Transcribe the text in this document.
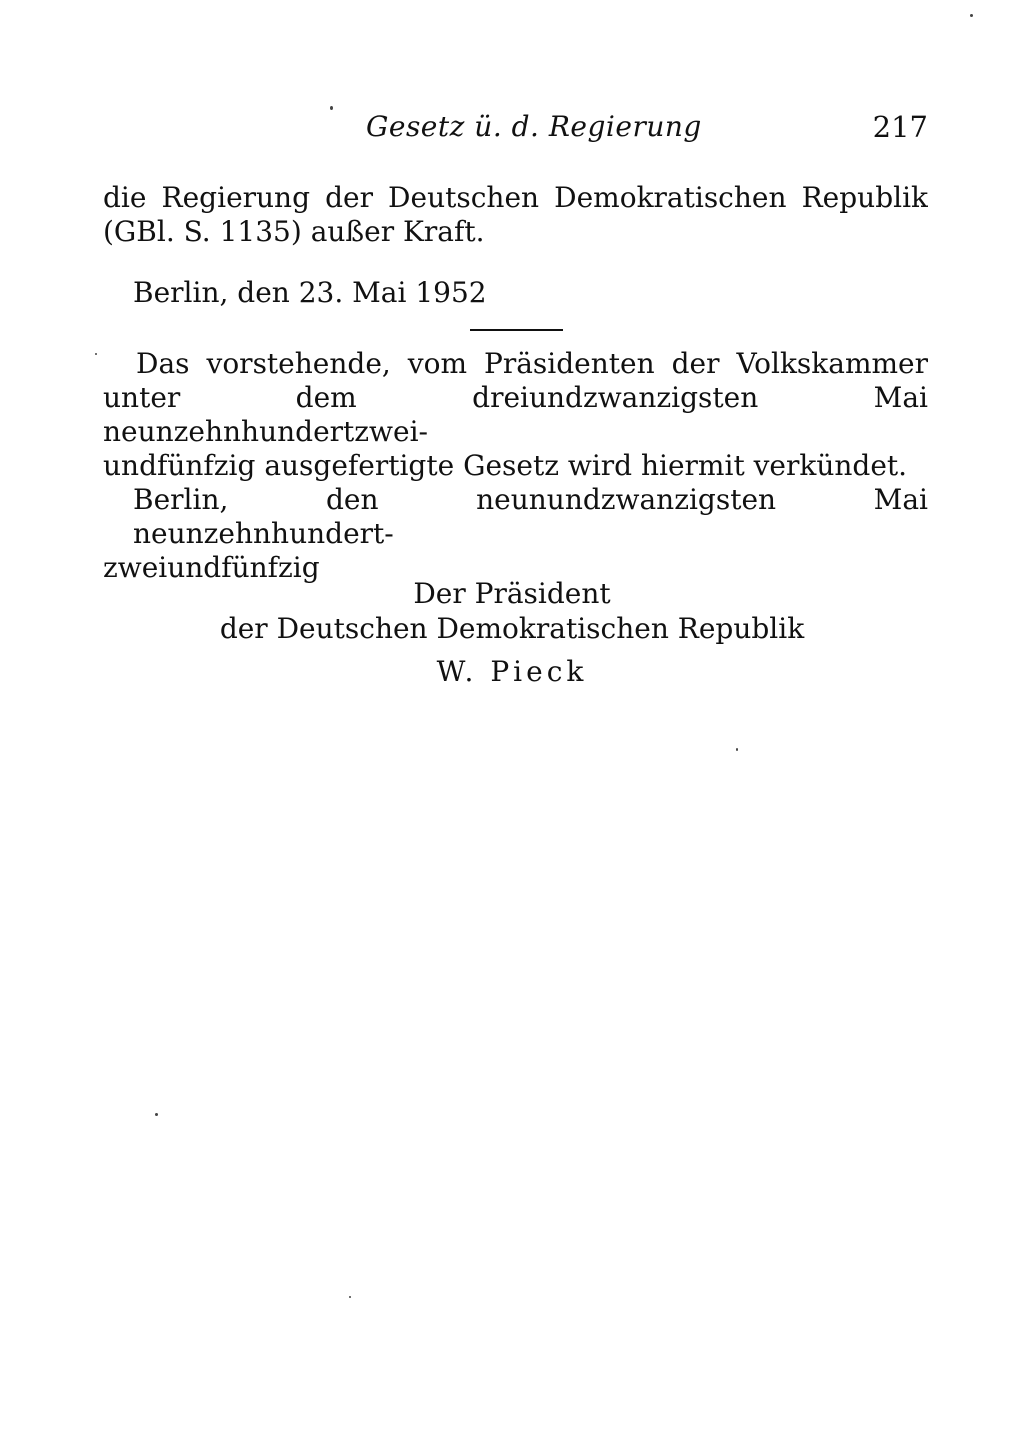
Gesetz ü. d. Regierung	217
die Regierung der Deutschen Demokratischen Republik
(GBl. S. 1135) außer Kraft.
Berlin, den 23. Mai 1952
Das vorstehende, vom Präsidenten der Volkskammer
unter dem dreiundzwanzigsten Mai neunzehnhundertzwei-
undfünfzig ausgefertigte Gesetz wird hiermit verkündet.
Berlin, den neunundzwanzigsten Mai neunzehnhundert-
zweiundfünfzig
Der Präsident
der Deutschen Demokratischen Republik
W. Pieck
